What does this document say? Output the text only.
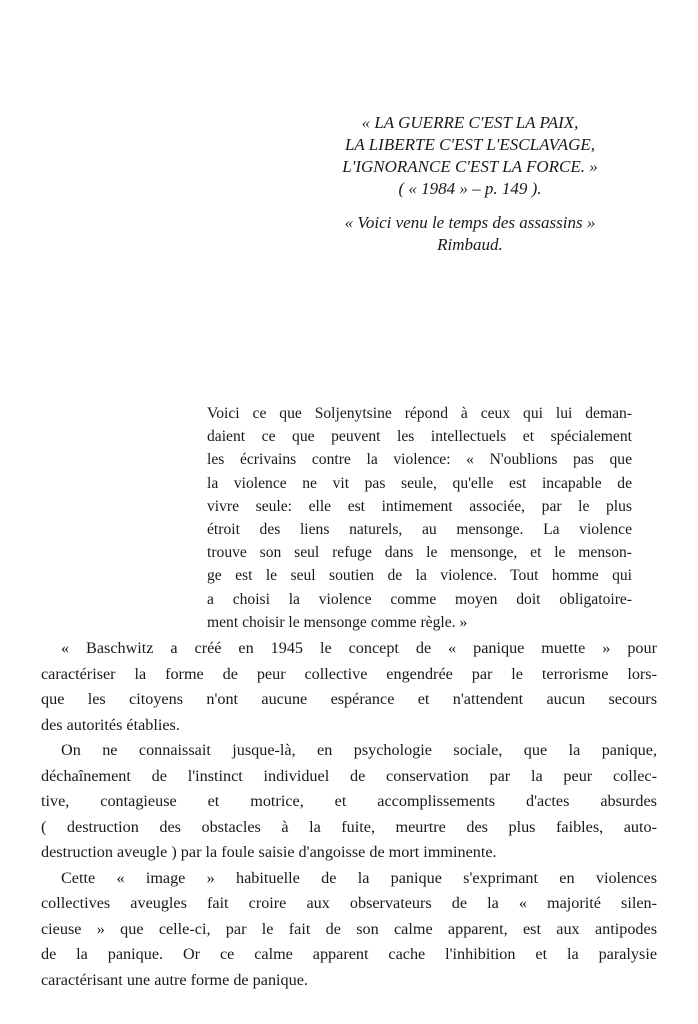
« LA GUERRE C'EST LA PAIX,
LA LIBERTE C'EST L'ESCLAVAGE,
L'IGNORANCE C'EST LA FORCE. »
( « 1984 » – p. 149 ).
« Voici venu le temps des assassins »
Rimbaud.
Voici ce que Soljenytsine répond à ceux qui lui deman-
daient ce que peuvent les intellectuels et spécialement
les écrivains contre la violence: « N'oublions pas que
la violence ne vit pas seule, qu'elle est incapable de
vivre seule: elle est intimement associée, par le plus
étroit des liens naturels, au mensonge. La violence
trouve son seul refuge dans le mensonge, et le menson-
ge est le seul soutien de la violence. Tout homme qui
a choisi la violence comme moyen doit obligatoire-
ment choisir le mensonge comme règle. »
« Baschwitz a créé en 1945 le concept de « panique muette » pour
caractériser la forme de peur collective engendrée par le terrorisme lors-
que les citoyens n'ont aucune espérance et n'attendent aucun secours
des autorités établies.
On ne connaissait jusque-là, en psychologie sociale, que la panique,
déchaînement de l'instinct individuel de conservation par la peur collec-
tive, contagieuse et motrice, et accomplissements d'actes absurdes
( destruction des obstacles à la fuite, meurtre des plus faibles, auto-
destruction aveugle ) par la foule saisie d'angoisse de mort imminente.
Cette « image » habituelle de la panique s'exprimant en violences
collectives aveugles fait croire aux observateurs de la « majorité silen-
cieuse » que celle-ci, par le fait de son calme apparent, est aux antipodes
de la panique. Or ce calme apparent cache l'inhibition et la paralysie
caractérisant une autre forme de panique.
